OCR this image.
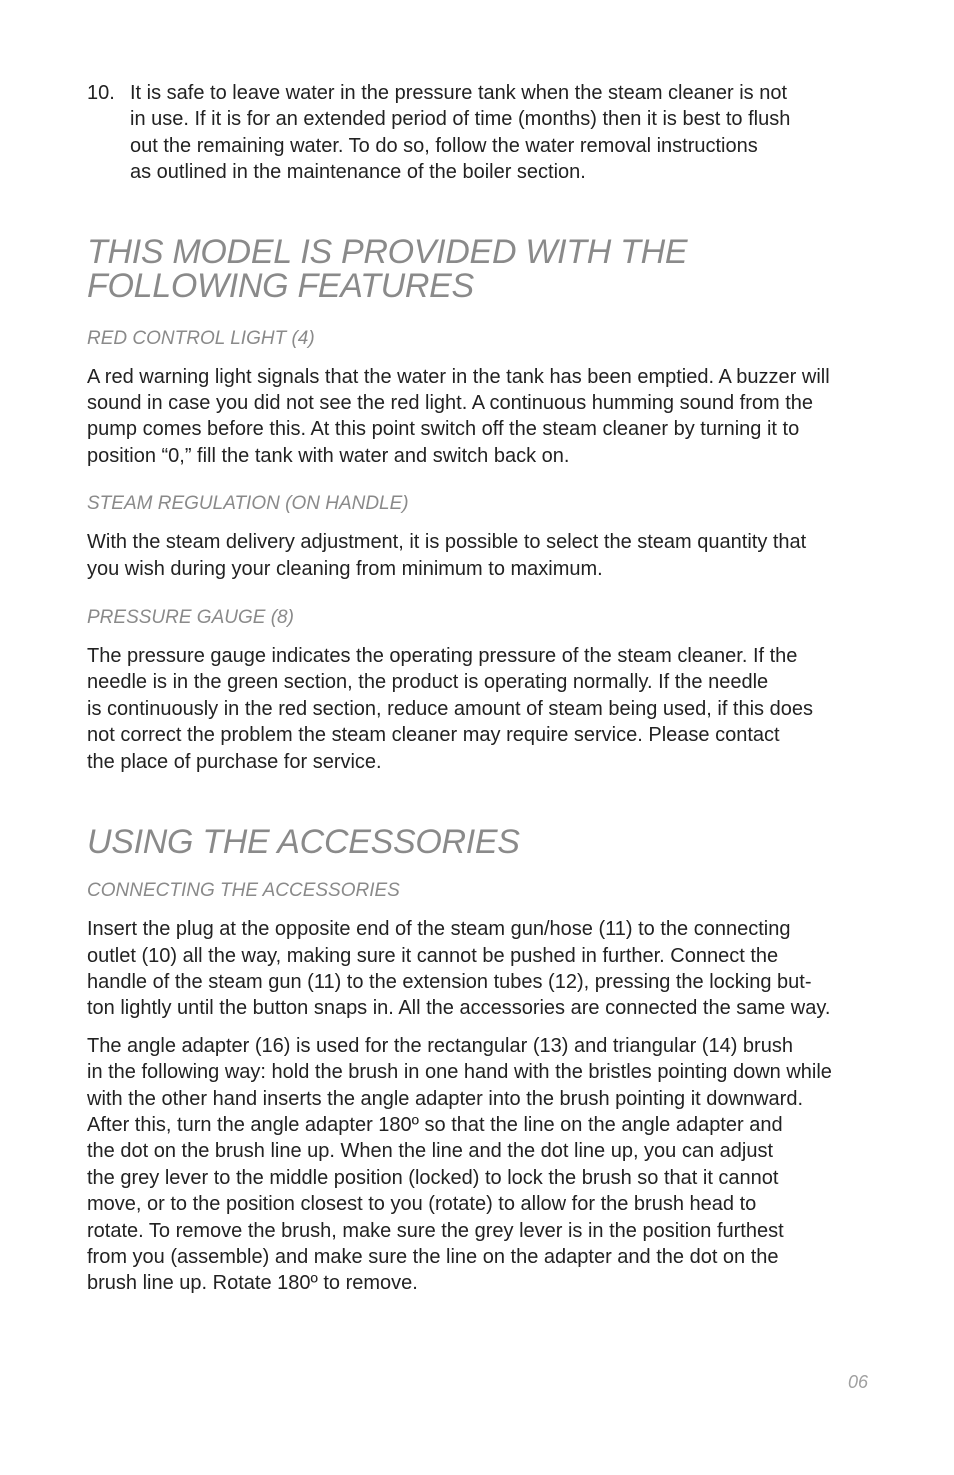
10. It is safe to leave water in the pressure tank when the steam cleaner is not
in use. If it is for an extended period of time (months) then it is best to flush
out the remaining water. To do so, follow the water removal instructions
as outlined in the maintenance of the boiler section.

THIS MODEL IS PROVIDED WITH THE
FOLLOWING FEATURES
RED CONTROL LIGHT (4)

A red warning light signals that the water in the tank has been emptied. A buzzer will
sound in case you did not see the red light. A continuous humming sound from the
pump comes before this. At this point switch off the steam cleaner by turning it to
position “0,” fill the tank with water and switch back on.

STEAM REGULATION (ON HANDLE)

With the steam delivery adjustment, it is possible to select the steam quantity that
you wish during your cleaning from minimum to maximum.

PRESSURE GAUGE (8)

The pressure gauge indicates the operating pressure of the steam cleaner. If the
needle is in the green section, the product is operating normally. If the needle
is continuously in the red section, reduce amount of steam being used, if this does
not correct the problem the steam cleaner may require service. Please contact
the place of purchase for service.

USING THE ACCESSORIES
CONNECTING THE ACCESSORIES

Insert the plug at the opposite end of the steam gun/hose (11) to the connecting
outlet (10) all the way, making sure it cannot be pushed in further. Connect the
handle of the steam gun (11) to the extension tubes (12), pressing the locking but-
ton lightly until the button snaps in. All the accessories are connected the same way.

The angle adapter (16) is used for the rectangular (13) and triangular (14) brush
in the following way: hold the brush in one hand with the bristles pointing down while
with the other hand inserts the angle adapter into the brush pointing it downward.
After this, turn the angle adapter 180º so that the line on the angle adapter and
the dot on the brush line up. When the line and the dot line up, you can adjust
the grey lever to the middle position (locked) to lock the brush so that it cannot
move, or to the position closest to you (rotate) to allow for the brush head to
rotate. To remove the brush, make sure the grey lever is in the position furthest
from you (assemble) and make sure the line on the adapter and the dot on the
brush line up. Rotate 180º to remove.

06
